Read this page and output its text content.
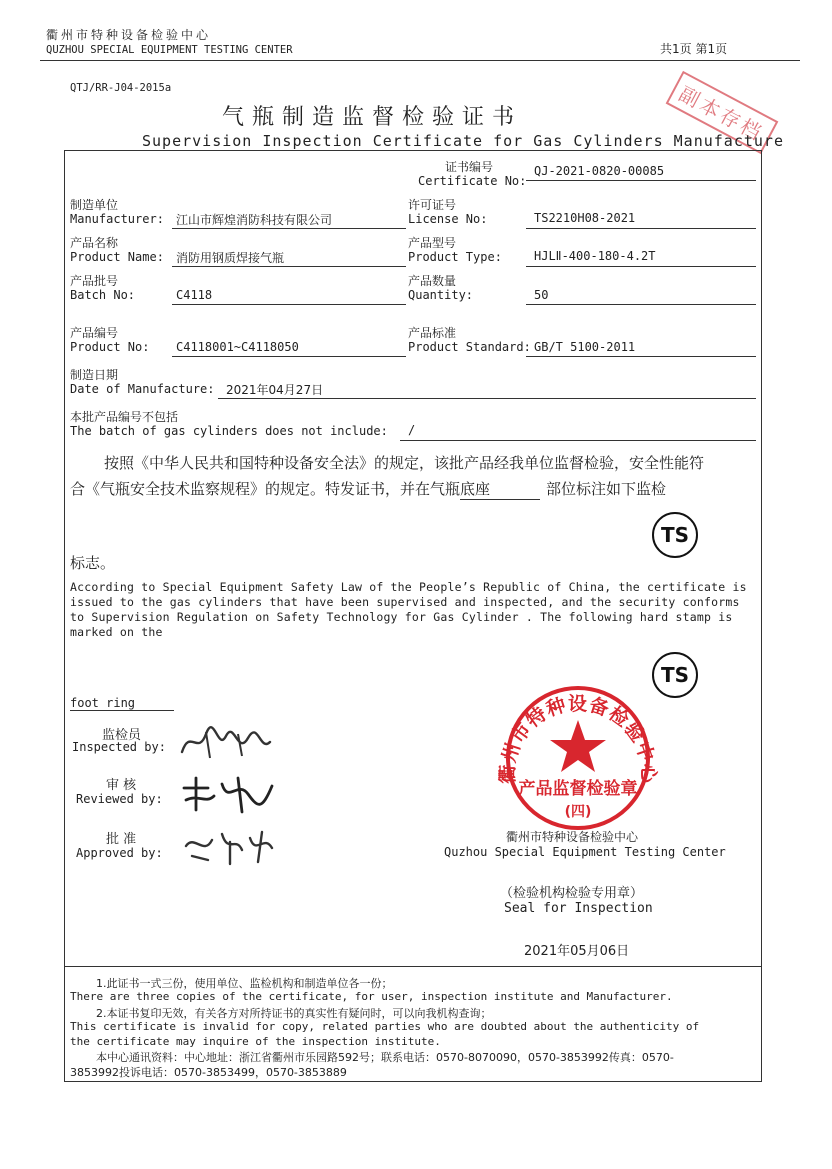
衢州市特种设备检验中心
QUZHOU SPECIAL EQUIPMENT TESTING CENTER	共1页 第1页
QTJ/RR-J04-2015a	副本存档
气瓶制造监督检验证书
Supervision Inspection Certificate for Gas Cylinders Manufacture
证书编号
Certificate No:
QJ-2021-0820-00085
制造单位
Manufacturer: 江山市辉煌消防科技有限公司
许可证号
License No:	TS2210H08-2021
产品名称
Product Name: 消防用钢质焊接气瓶
产品型号
Product Type:	HJLⅡ-400-180-4.2T
产品批号
Batch No:	C4118
产品数量
Quantity:	50
产品编号
Product No: C4118001~C4118050
产品标准
Product Standard: GB/T 5100-2011
制造日期
Date of Manufacture: 2021年04月27日
本批产品编号不包括
The batch of gas cylinders does not include: /
按照《中华人民共和国特种设备安全法》的规定，该批产品经我单位监督检验，安全性能符
合《气瓶安全技术监察规程》的规定。特发证书，并在气瓶底座	部位标注如下监检
TS
标志。
According to Special Equipment Safety Law of the People’s Republic of China, the certificate is issued to the gas cylinders that have been supervised and inspected, and the security conforms to Supervision Regulation on Safety Technology for Gas Cylinder . The following hard stamp is marked on the
TS
foot ring
监检员
Inspected by:
审 核
Reviewed by:
批 准
Approved by:
衢州市特种设备检验中心
产品监督检验章
(四)
衢州市特种设备检验中心
Quzhou Special Equipment Testing Center
（检验机构检验专用章）
Seal for Inspection
2021年05月06日
1.此证书一式三份，使用单位、监检机构和制造单位各一份；
There are three copies of the certificate, for user, inspection institute and Manufacturer.
2.本证书复印无效，有关各方对所持证书的真实性有疑问时，可以向我机构查询；
This certificate is invalid for copy, related parties who are doubted about the authenticity of
the certificate may inquire of the inspection institute.
本中心通讯资料：中心地址：浙江省衢州市乐园路592号；联系电话：0570-8070090，0570-3853992传真：0570-
3853992投诉电话：0570-3853499，0570-3853889
